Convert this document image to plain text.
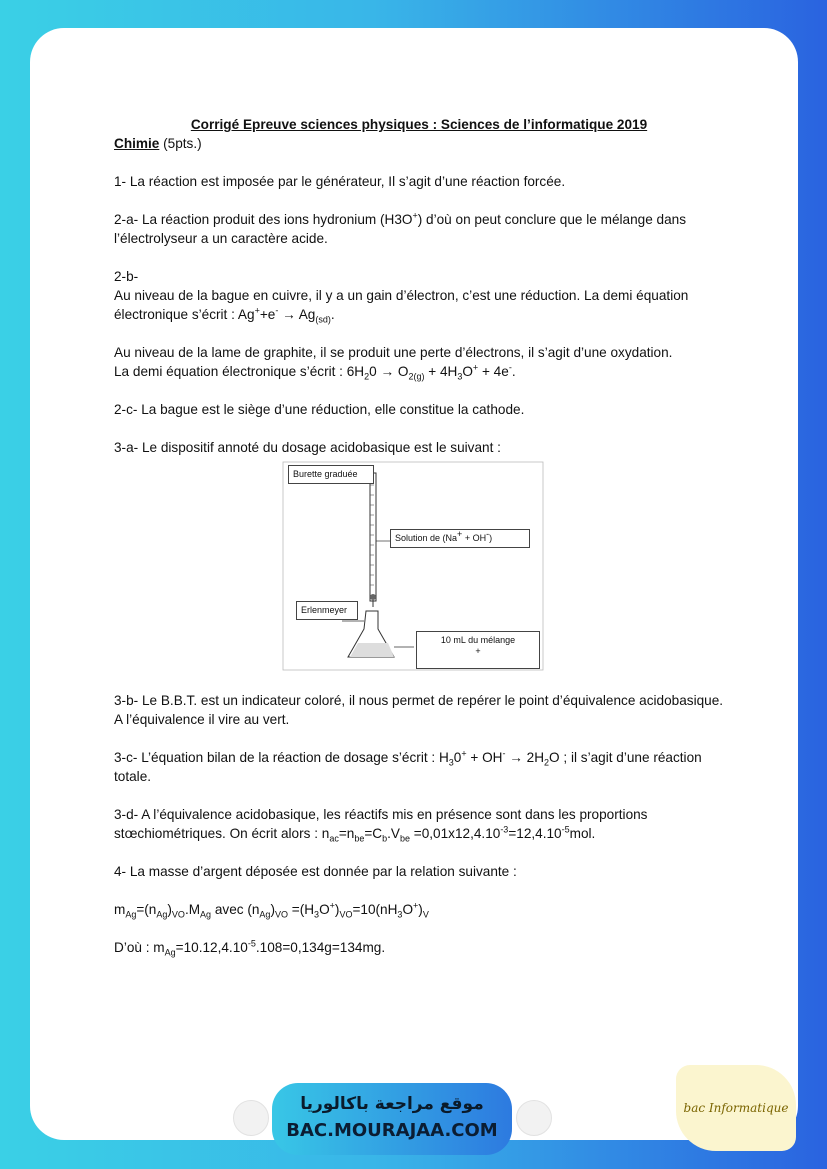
Corrigé Epreuve sciences physiques : Sciences de l’informatique 2019

Chimie (5pts.)

1- La réaction est imposée par le générateur, Il s’agit d’une réaction forcée.

2-a- La réaction produit des ions hydronium (H3O+) d’où on peut conclure que le mélange dans l’électrolyseur a un caractère acide.

2-b-

Au niveau de la bague en cuivre, il y a un gain d’électron, c’est une réduction. La demi équation électronique s’écrit : $Ag^++e^- \to Ag_{(sd)}$.

Au niveau de la lame de graphite, il se produit une perte d’électrons, il s’agit d’une oxydation.

La demi équation électronique s’écrit : $6H_20 \to O_{2(g)} + 4H_3O^+ + 4e^-$.

2-c- La bague est le siège d’une réduction, elle constitue la cathode.

3-a- Le dispositif annoté du dosage acidobasique est le suivant :

Burette graduée
Solution de (Na+ + OH-)
Erlenmeyer
10 mL du mélange
+

3-b- Le B.B.T. est un indicateur coloré, il nous permet de repérer le point d’équivalence acidobasique. A l’équivalence il vire au vert.

3-c- L’équation bilan de la réaction de dosage s’écrit : $H_30^+ + OH^- \to 2H_2O$ ; il s’agit d’une réaction totale.

3-d- A l’équivalence acidobasique, les réactifs mis en présence sont dans les proportions stœchiométriques. On écrit alors : $n_{ac}=n_{be}=C_b.V_{be} =0,01x12,4.10^{-3}=12,4.10^{-5}mol$.

4- La masse d’argent déposée est donnée par la relation suivante :

$m_{Ag}=(n_{Ag})_{VO}.M_{Ag}$ avec $(n_{Ag})_{VO} =(H_3O^+)_{VO}=10(nH_3O^+)_V$

D’où : $m_{Ag}=10.12,4.10^{-5}.108=0,134g=134mg$.

موقع مراجعة باكالوريا
BAC.MOURAJAA.COM
bac Informatique
